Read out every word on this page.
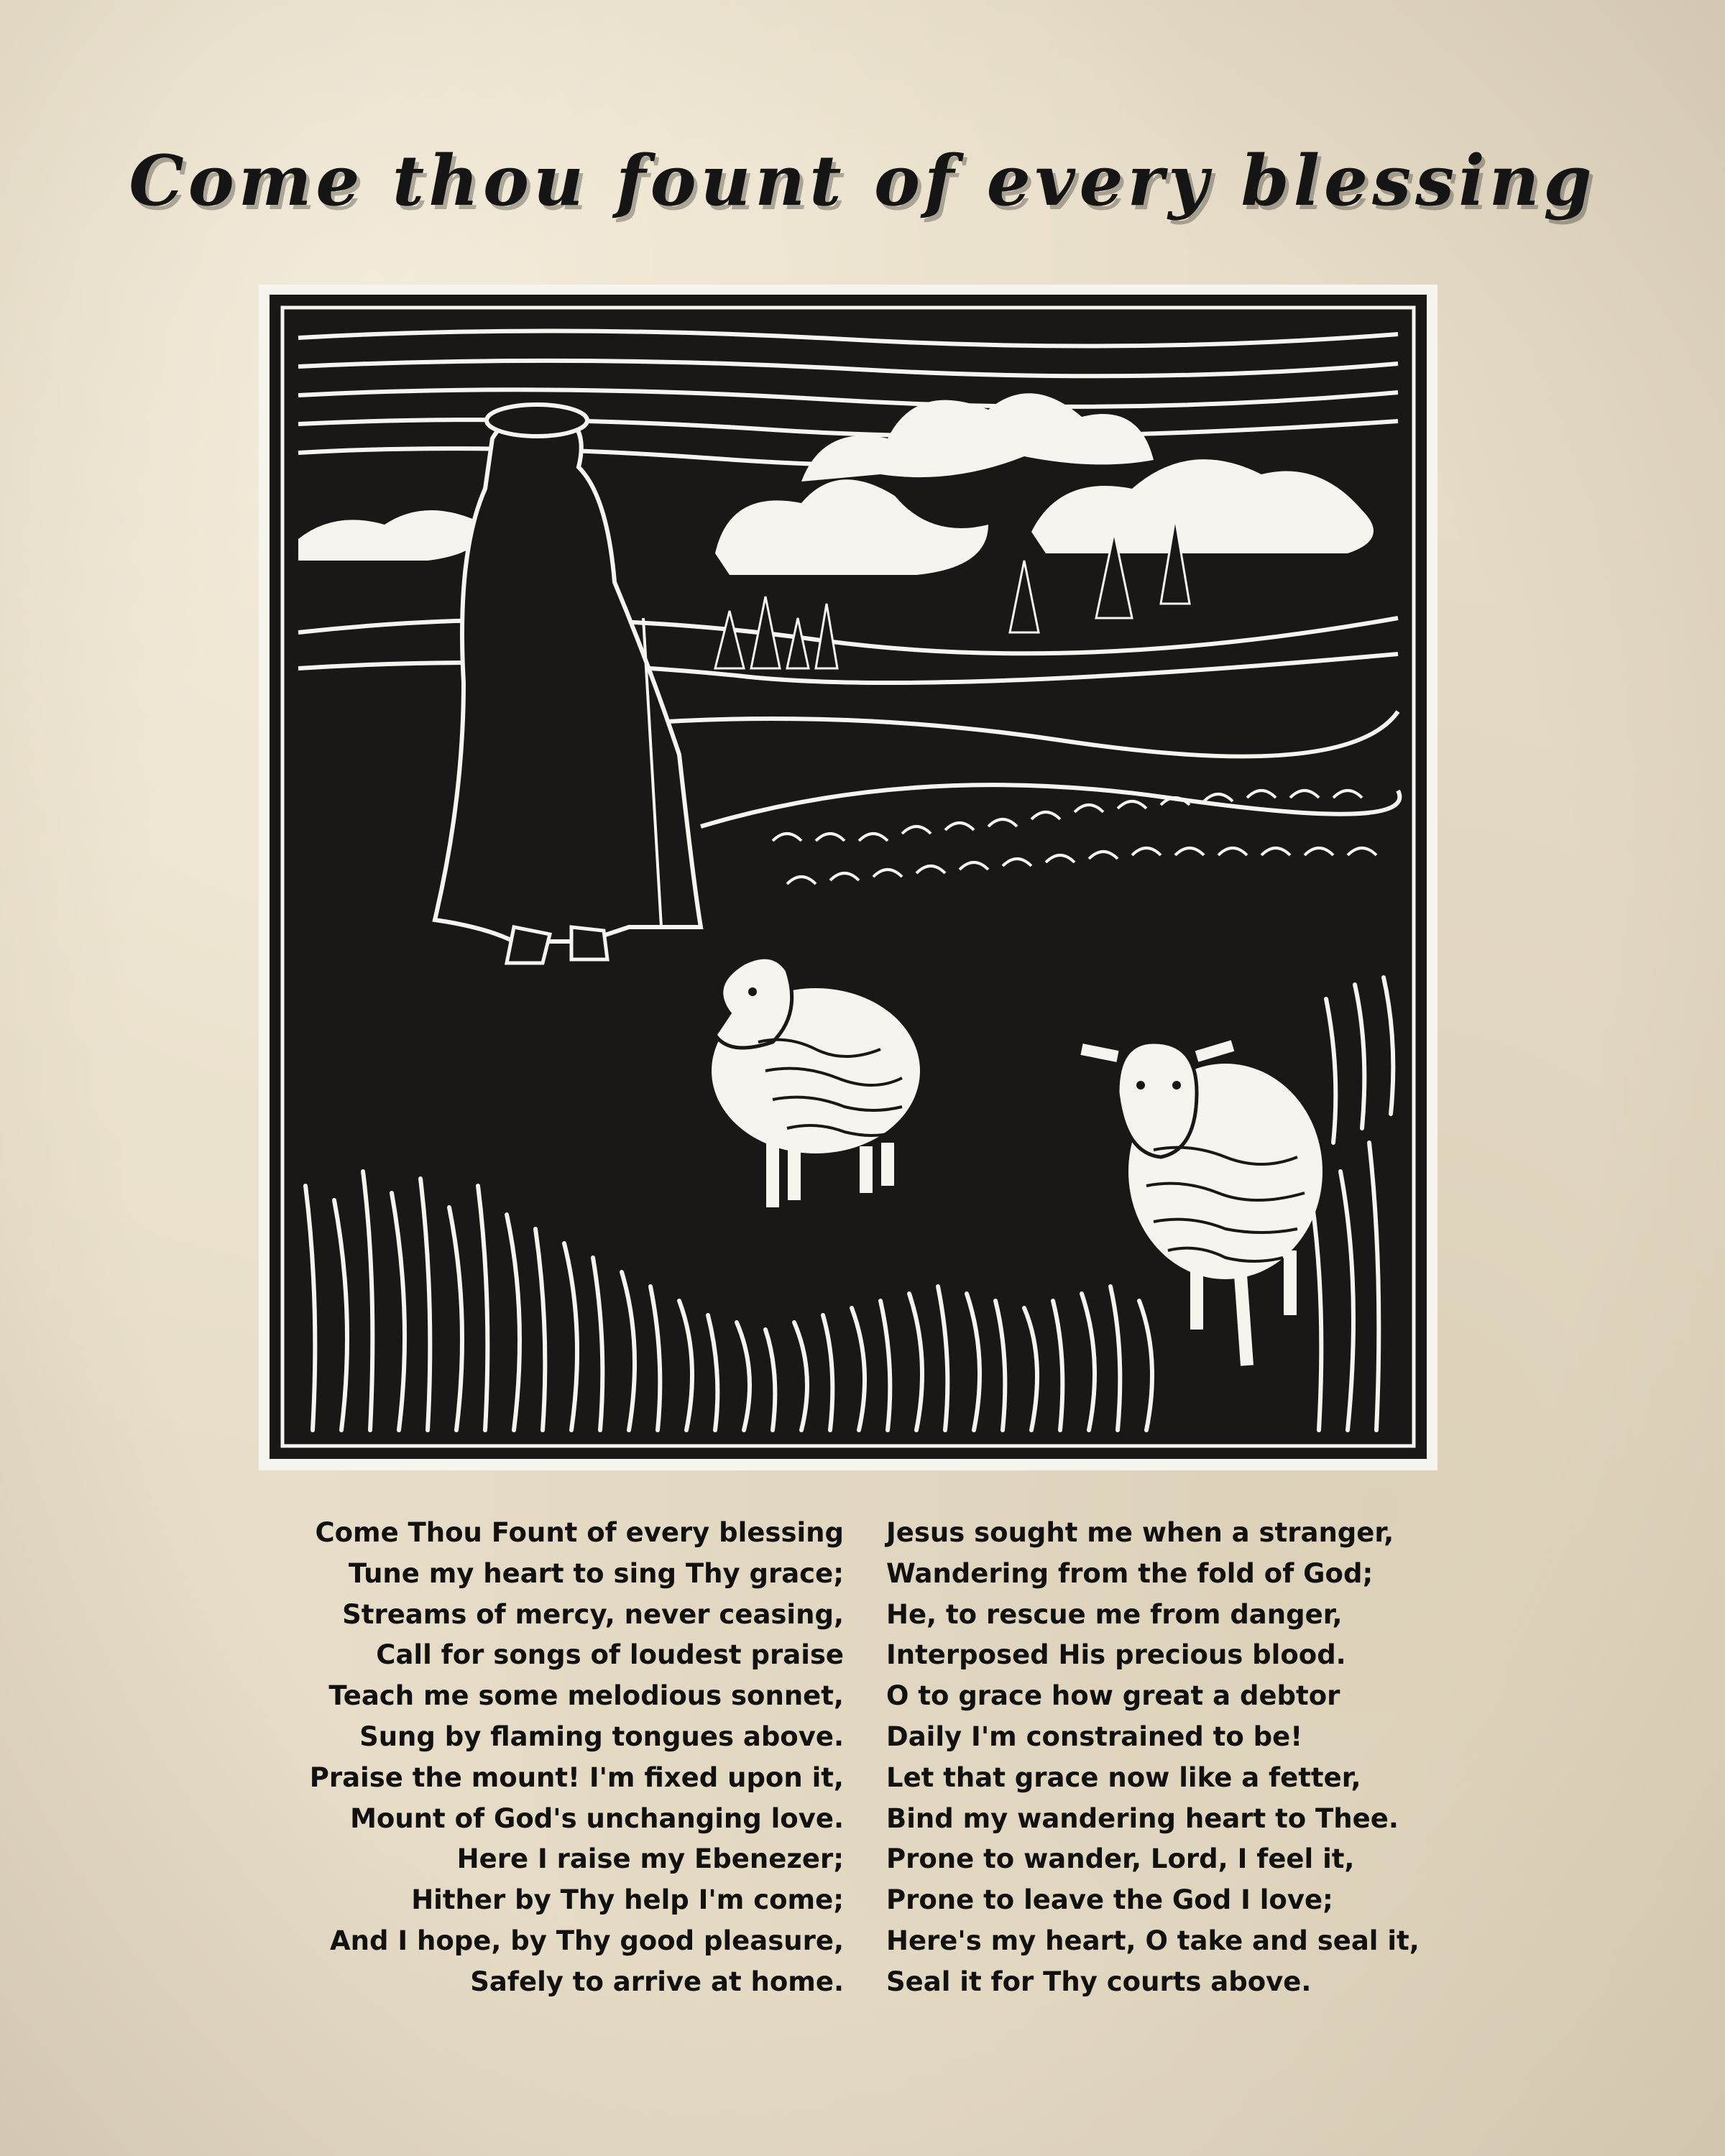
Come thou fount of every blessing
Come Thou Fount of every blessing
Tune my heart to sing Thy grace;
Streams of mercy, never ceasing,
Call for songs of loudest praise
Teach me some melodious sonnet,
Sung by flaming tongues above.
Praise the mount! I'm fixed upon it,
Mount of God's unchanging love.
Here I raise my Ebenezer;
Hither by Thy help I'm come;
And I hope, by Thy good pleasure,
Safely to arrive at home.
Jesus sought me when a stranger,
Wandering from the fold of God;
He, to rescue me from danger,
Interposed His precious blood.
O to grace how great a debtor
Daily I'm constrained to be!
Let that grace now like a fetter,
Bind my wandering heart to Thee.
Prone to wander, Lord, I feel it,
Prone to leave the God I love;
Here's my heart, O take and seal it,
Seal it for Thy courts above.
